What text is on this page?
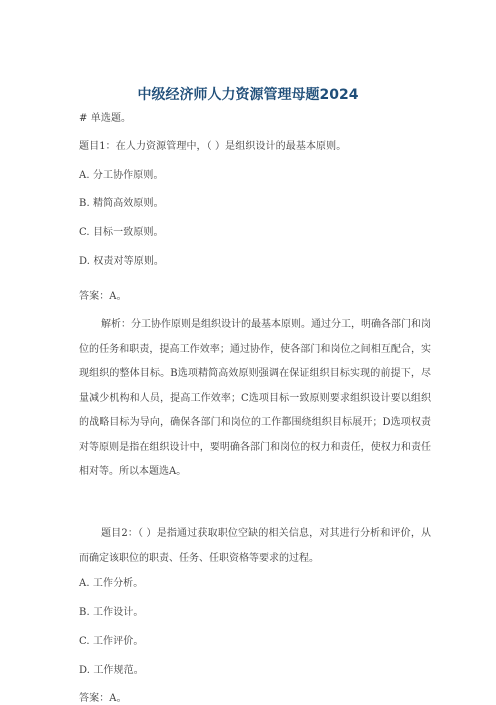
中级经济师人力资源管理母题2024
# 单选题。
题目1：在人力资源管理中，（ ）是组织设计的最基本原则。
A. 分工协作原则。
B. 精简高效原则。
C. 目标一致原则。
D. 权责对等原则。
答案：A。
解析：分工协作原则是组织设计的最基本原则。通过分工，明确各部门和岗位的任务和职责，提高工作效率；通过协作，使各部门和岗位之间相互配合，实现组织的整体目标。B选项精简高效原则强调在保证组织目标实现的前提下，尽量减少机构和人员，提高工作效率；C选项目标一致原则要求组织设计要以组织的战略目标为导向，确保各部门和岗位的工作都围绕组织目标展开；D选项权责对等原则是指在组织设计中，要明确各部门和岗位的权力和责任，使权力和责任相对等。所以本题选A。
题目2：（ ）是指通过获取职位空缺的相关信息，对其进行分析和评价，从而确定该职位的职责、任务、任职资格等要求的过程。
A. 工作分析。
B. 工作设计。
C. 工作评价。
D. 工作规范。
答案：A。
